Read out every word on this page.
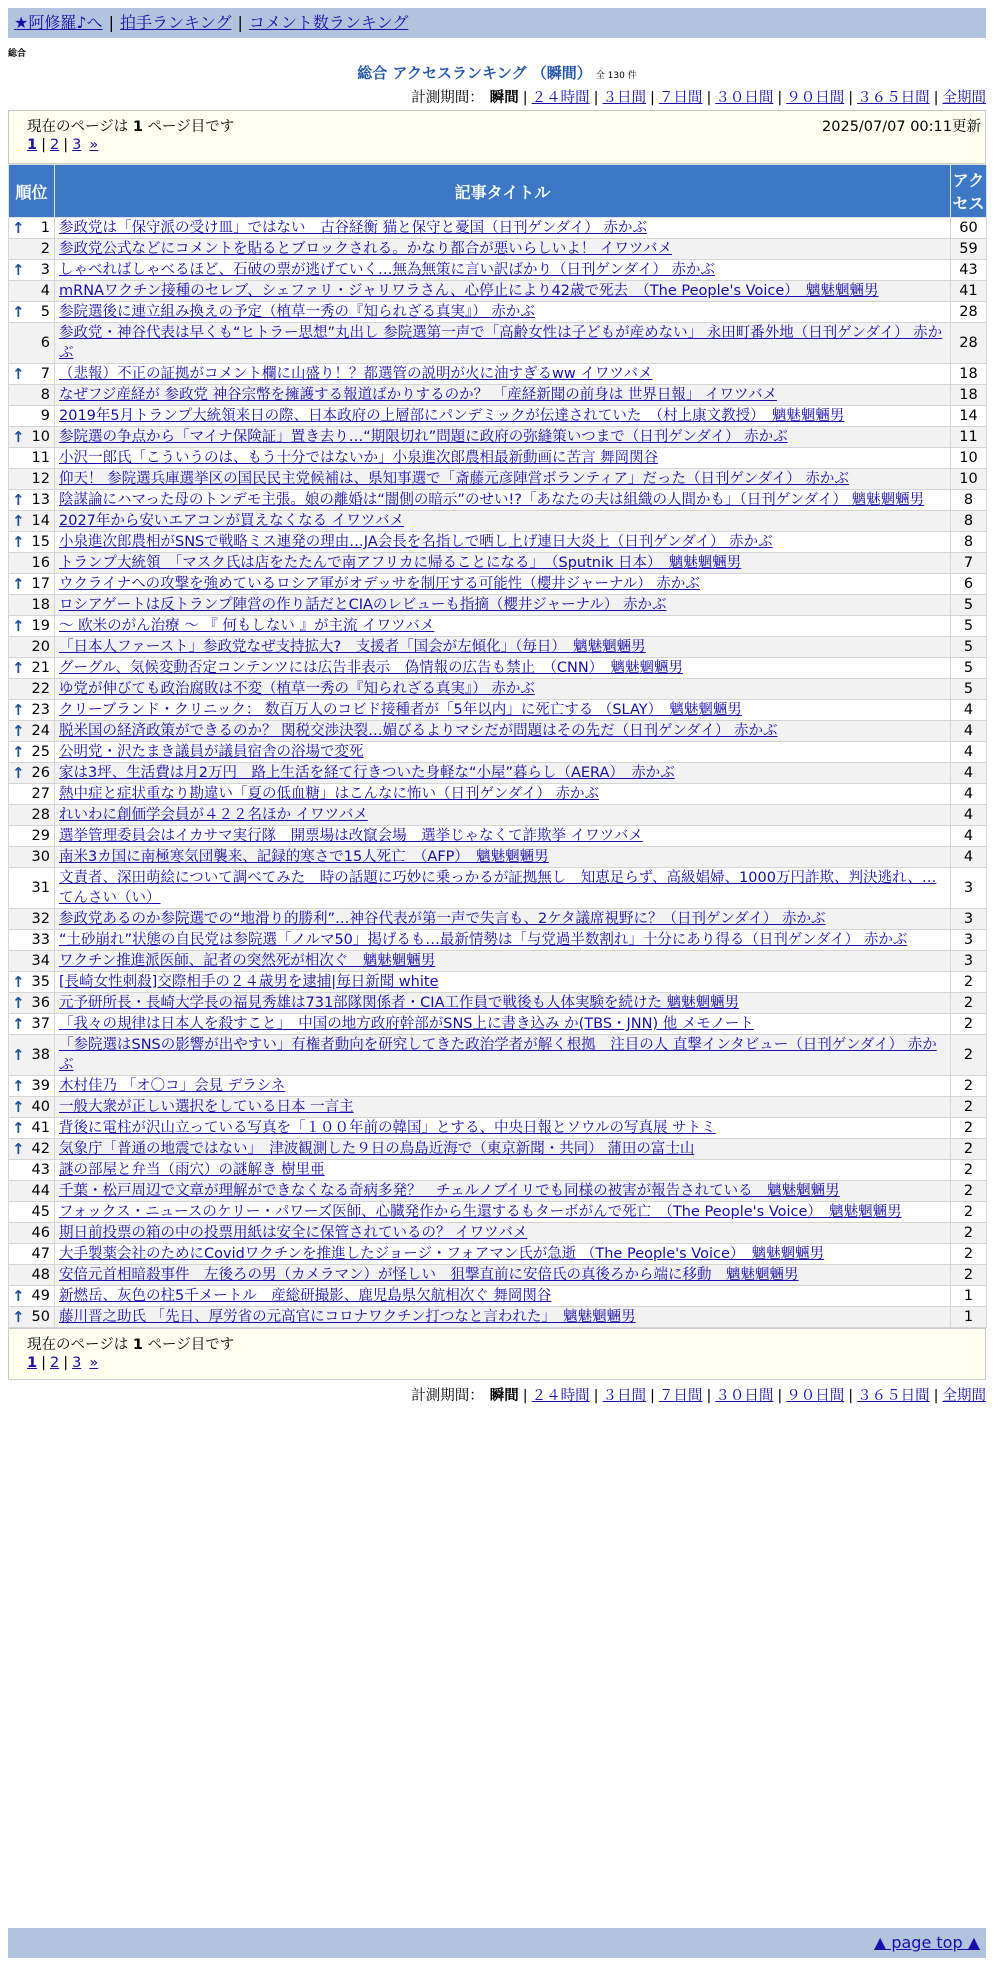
★阿修羅♪へ | 拍手ランキング | コメント数ランキング
総合
総合 アクセスランキング （瞬間） 全 130 件
計測期間： 瞬間 | ２４時間 | ３日間 | ７日間 | ３０日間 | ９０日間 | ３６５日間 | 全期間
現在のページは 1 ページ目です	2025/07/07 00:11更新
1 | 2 | 3 »
順位	記事タイトル	アクセス

↑ 1	参政党は「保守派の受け皿」ではない　古谷経衡 猫と保守と憂国（日刊ゲンダイ） 赤かぶ	60
2	参政党公式などにコメントを貼るとブロックされる。かなり都合が悪いらしいよ！ イワツバメ	59

↑ 3	しゃべればしゃべるほど、石破の票が逃げていく…無為無策に言い訳ばかり（日刊ゲンダイ） 赤かぶ	43
4	mRNAワクチン接種のセレブ、シェファリ・ジャリワラさん、心停止により42歳で死去　（The People's Voice）　魑魅魍魎男	41

↑ 5	参院選後に連立組み換えの予定（植草一秀の『知られざる真実』） 赤かぶ	28
6	参政党・神谷代表は早くも“ヒトラー思想”丸出し 参院選第一声で「高齢女性は子どもが産めない」 永田町番外地（日刊ゲンダイ） 赤かぶ	28

↑ 7	（悲報）不正の証拠がコメント欄に山盛り！？都選管の説明が火に油すぎるww イワツバメ	18
8	なぜフジ産経が 参政党 神谷宗幣を擁護する報道ばかりするのか？ 「産経新聞の前身は 世界日報」 イワツバメ	18
9	2019年5月トランプ大統領来日の際、日本政府の上層部にパンデミックが伝達されていた　（村上康文教授）　魑魅魍魎男	14

↑ 10	参院選の争点から「マイナ保険証」置き去り…“期限切れ”問題に政府の弥縫策いつまで（日刊ゲンダイ） 赤かぶ	11
11	小沢一郎氏「こういうのは、もう十分ではないか」小泉進次郎農相最新動画に苦言 舞岡関谷	10
12	仰天！ 参院選兵庫選挙区の国民民主党候補は、県知事選で「斎藤元彦陣営ボランティア」だった（日刊ゲンダイ） 赤かぶ	10

↑ 13	陰謀論にハマった母のトンデモ主張。娘の離婚は“闇側の暗示”のせい!?「あなたの夫は組織の人間かも」（日刊ゲンダイ） 魑魅魍魎男	8

↑ 14	2027年から安いエアコンが買えなくなる イワツバメ	8

↑ 15	小泉進次郎農相がSNSで戦略ミス連発の理由…JA会長を名指しで晒し上げ連日大炎上（日刊ゲンダイ） 赤かぶ	8
16	トランプ大統領　「マスク氏は店をたたんで南アフリカに帰ることになる」　（Sputnik 日本）　魑魅魍魎男	7

↑ 17	ウクライナへの攻撃を強めているロシア軍がオデッサを制圧する可能性（櫻井ジャーナル） 赤かぶ	6
18	ロシアゲートは反トランプ陣営の作り話だとCIAのレビューも指摘（櫻井ジャーナル） 赤かぶ	5

↑ 19	～ 欧米のがん治療 ～ 『 何もしない 』が主流 イワツバメ	5
20	「日本人ファースト」参政党なぜ支持拡大?　支援者「国会が左傾化」（毎日）　魑魅魍魎男	5

↑ 21	グーグル、気候変動否定コンテンツには広告非表示　偽情報の広告も禁止　（CNN）　魑魅魍魎男	5
22	ゆ党が伸びても政治腐敗は不変（植草一秀の『知られざる真実』） 赤かぶ	5

↑ 23	クリーブランド・クリニック： 数百万人のコビド接種者が「5年以内」に死亡する （SLAY）　魑魅魍魎男	4

↑ 24	脱米国の経済政策ができるのか？ 関税交渉決裂…媚びるよりマシだが問題はその先だ（日刊ゲンダイ） 赤かぶ	4

↑ 25	公明党・沢たまき議員が議員宿舎の浴場で変死	4

↑ 26	家は3坪、生活費は月2万円　路上生活を経て行きついた身軽な“小屋”暮らし（AERA）　赤かぶ	4
27	熱中症と症状重なり勘違い「夏の低血糖」はこんなに怖い（日刊ゲンダイ） 赤かぶ	4
28	れいわに創価学会員が４２２名ほか イワツバメ	4
29	選挙管理委員会はイカサマ実行隊　開票場は改竄会場　選挙じゃなくて詐欺挙 イワツバメ	4
30	南米3カ国に南極寒気団襲来、記録的寒さで15人死亡　（AFP）　魑魅魍魎男	4
31	文責者、深田萌絵について調べてみた　時の話題に巧妙に乗っかるが証拠無し　知恵足らず、高級娼婦、1000万円詐欺、判決逃れ、… てんさい（い）	3
32	参政党あるのか参院選での“地滑り的勝利”…神谷代表が第一声で失言も、2ケタ議席視野に？（日刊ゲンダイ） 赤かぶ	3
33	“土砂崩れ”状態の自民党は参院選「ノルマ50」掲げるも…最新情勢は「与党過半数割れ」十分にあり得る（日刊ゲンダイ） 赤かぶ	3
34	ワクチン推進派医師、記者の突然死が相次ぐ　魑魅魍魎男	3

↑ 35	[長崎女性刺殺]交際相手の２４歳男を逮捕|毎日新聞 white	2

↑ 36	元予研所長・長崎大学長の福見秀雄は731部隊関係者・CIA工作員で戦後も人体実験を続けた 魑魅魍魎男	2

↑ 37	「我々の規律は日本人を殺すこと」　中国の地方政府幹部がSNS上に書き込み か(TBS・JNN) 他 メモノート	2

↑ 38	「参院選はSNSの影響が出やすい」有権者動向を研究してきた政治学者が解く根拠　注目の人 直撃インタビュー（日刊ゲンダイ） 赤かぶ	2

↑ 39	木村佳乃 「オ〇コ」会見 デラシネ	2

↑ 40	一般大衆が正しい選択をしている日本 一言主	2

↑ 41	背後に電柱が沢山立っている写真を「１００年前の韓国」とする、中央日報とソウルの写真展 サトミ	2

↑ 42	気象庁「普通の地震ではない」　津波観測した９日の鳥島近海で（東京新聞・共同） 蒲田の富士山	2
43	謎の部屋と弁当（雨穴）の謎解き 樹里亜	2
44	千葉・松戸周辺で文章が理解ができなくなる奇病多発？　チェルノブイリでも同様の被害が報告されている　魑魅魍魎男	2
45	フォックス・ニュースのケリー・パワーズ医師、心臓発作から生還するもターボがんで死亡　（The People's Voice）　魑魅魍魎男	2
46	期日前投票の箱の中の投票用紙は安全に保管されているの？ イワツバメ	2
47	大手製薬会社のためにCovidワクチンを推進したジョージ・フォアマン氏が急逝 （The People's Voice）　魑魅魍魎男	2
48	安倍元首相暗殺事件　左後ろの男（カメラマン）が怪しい　狙撃直前に安倍氏の真後ろから端に移動　魑魅魍魎男	2

↑ 49	新燃岳、灰色の柱5千メートル　産総研撮影、鹿児島県欠航相次ぐ 舞岡関谷	1

↑ 50	藤川晋之助氏 「先日、厚労省の元高官にコロナワクチン打つなと言われた」　魑魅魍魎男	1
現在のページは 1 ページ目です
1 | 2 | 3 »
計測期間： 瞬間 | ２４時間 | ３日間 | ７日間 | ３０日間 | ９０日間 | ３６５日間 | 全期間
▲ page top ▲
